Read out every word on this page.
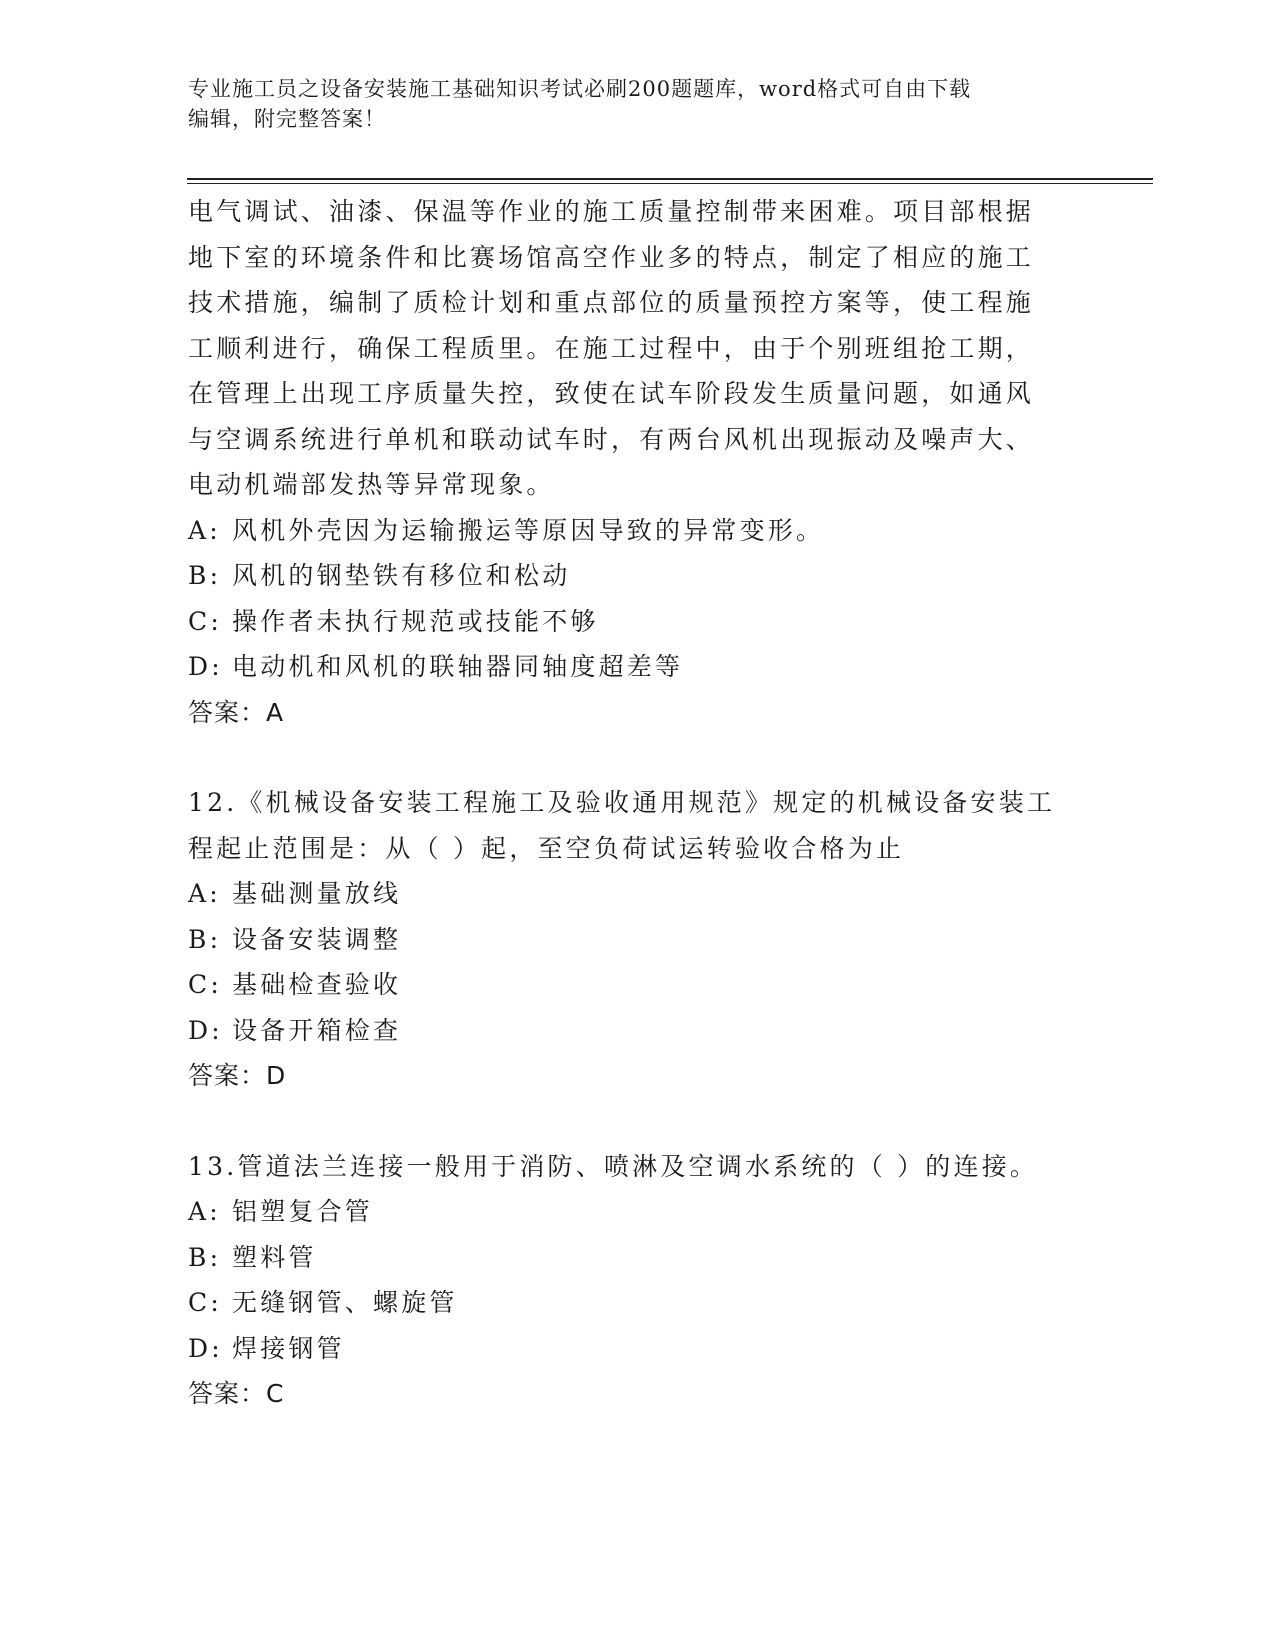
专业施工员之设备安装施工基础知识考试必刷200题题库，word格式可自由下载
编辑，附完整答案！
电气调试、油漆、保温等作业的施工质量控制带来困难。项目部根据
地下室的环境条件和比赛场馆高空作业多的特点，制定了相应的施工
技术措施，编制了质检计划和重点部位的质量预控方案等，使工程施
工顺利进行，确保工程质里。在施工过程中，由于个别班组抢工期，
在管理上出现工序质量失控，致使在试车阶段发生质量问题，如通风
与空调系统进行单机和联动试车时，有两台风机出现振动及噪声大、
电动机端部发热等异常现象。
A: 风机外壳因为运输搬运等原因导致的异常变形。
B: 风机的钢垫铁有移位和松动
C: 操作者未执行规范或技能不够
D: 电动机和风机的联轴器同轴度超差等
答案：A
12.《机械设备安装工程施工及验收通用规范》规定的机械设备安装工
程起止范围是：从（ ）起，至空负荷试运转验收合格为止
A: 基础测量放线
B: 设备安装调整
C: 基础检查验收
D: 设备开箱检查
答案：D
13.管道法兰连接一般用于消防、喷淋及空调水系统的（ ）的连接。
A: 铝塑复合管
B: 塑料管
C: 无缝钢管、螺旋管
D: 焊接钢管
答案：C
